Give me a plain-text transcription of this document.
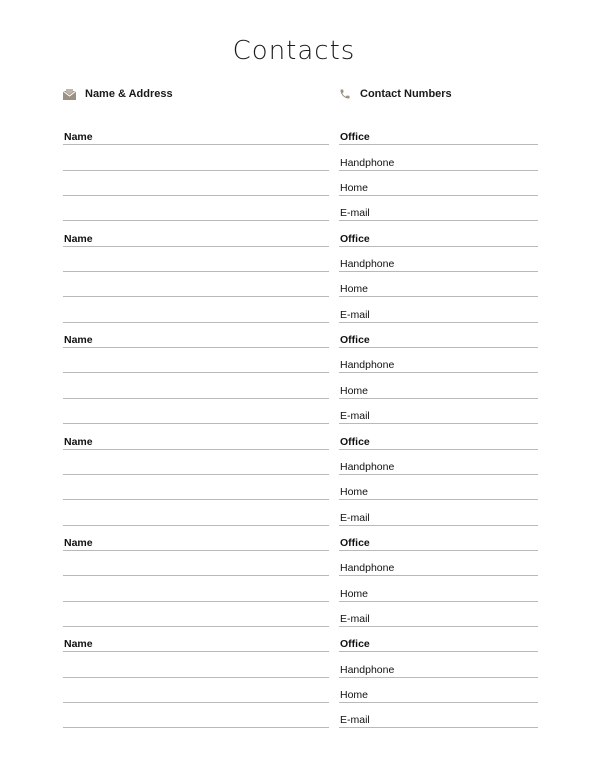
Contacts
Name & Address	Contact Numbers
Name
Name
Name
Name
Name
Name
Office
Handphone
Home
E-mail
Office
Handphone
Home
E-mail
Office
Handphone
Home
E-mail
Office
Handphone
Home
E-mail
Office
Handphone
Home
E-mail
Office
Handphone
Home
E-mail
